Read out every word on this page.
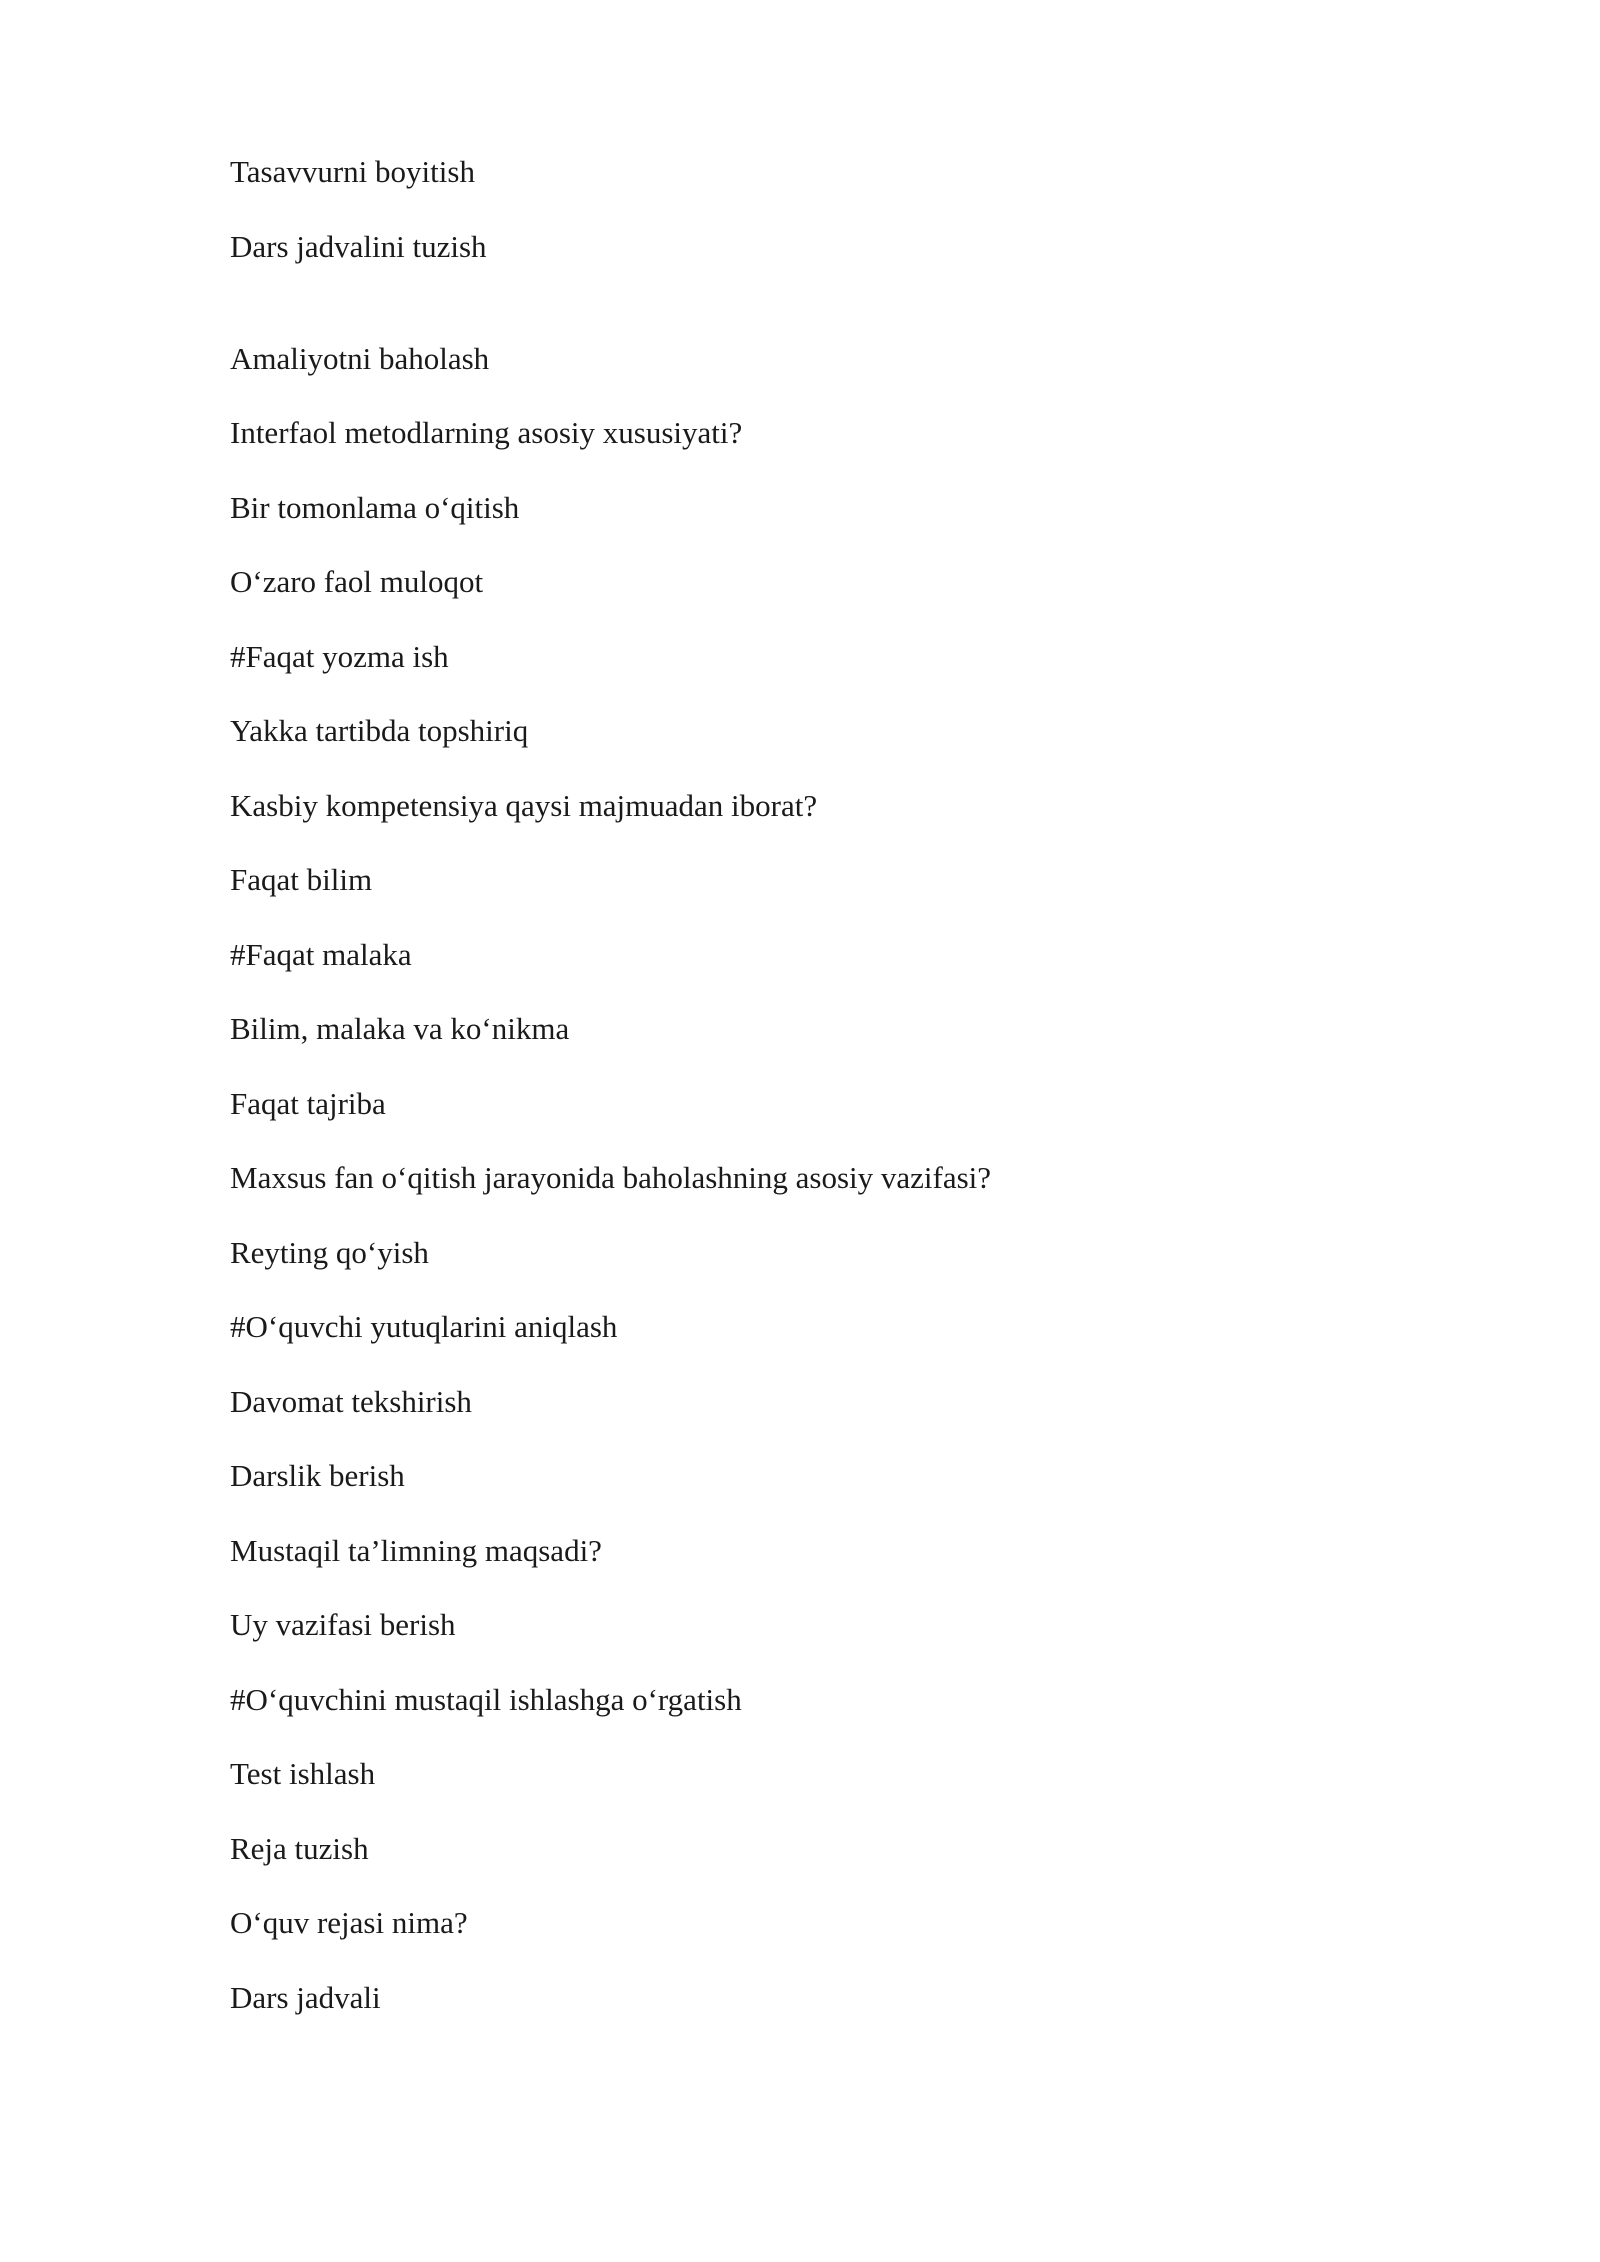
Tasavvurni boyitish
Dars jadvalini tuzish
Amaliyotni baholash
Interfaol metodlarning asosiy xususiyati?
Bir tomonlama o‘qitish
O‘zaro faol muloqot
#Faqat yozma ish
Yakka tartibda topshiriq
Kasbiy kompetensiya qaysi majmuadan iborat?
Faqat bilim
#Faqat malaka
Bilim, malaka va ko‘nikma
Faqat tajriba
Maxsus fan o‘qitish jarayonida baholashning asosiy vazifasi?
Reyting qo‘yish
#O‘quvchi yutuqlarini aniqlash
Davomat tekshirish
Darslik berish
Mustaqil ta’limning maqsadi?
Uy vazifasi berish
#O‘quvchini mustaqil ishlashga o‘rgatish
Test ishlash
Reja tuzish
O‘quv rejasi nima?
Dars jadvali
